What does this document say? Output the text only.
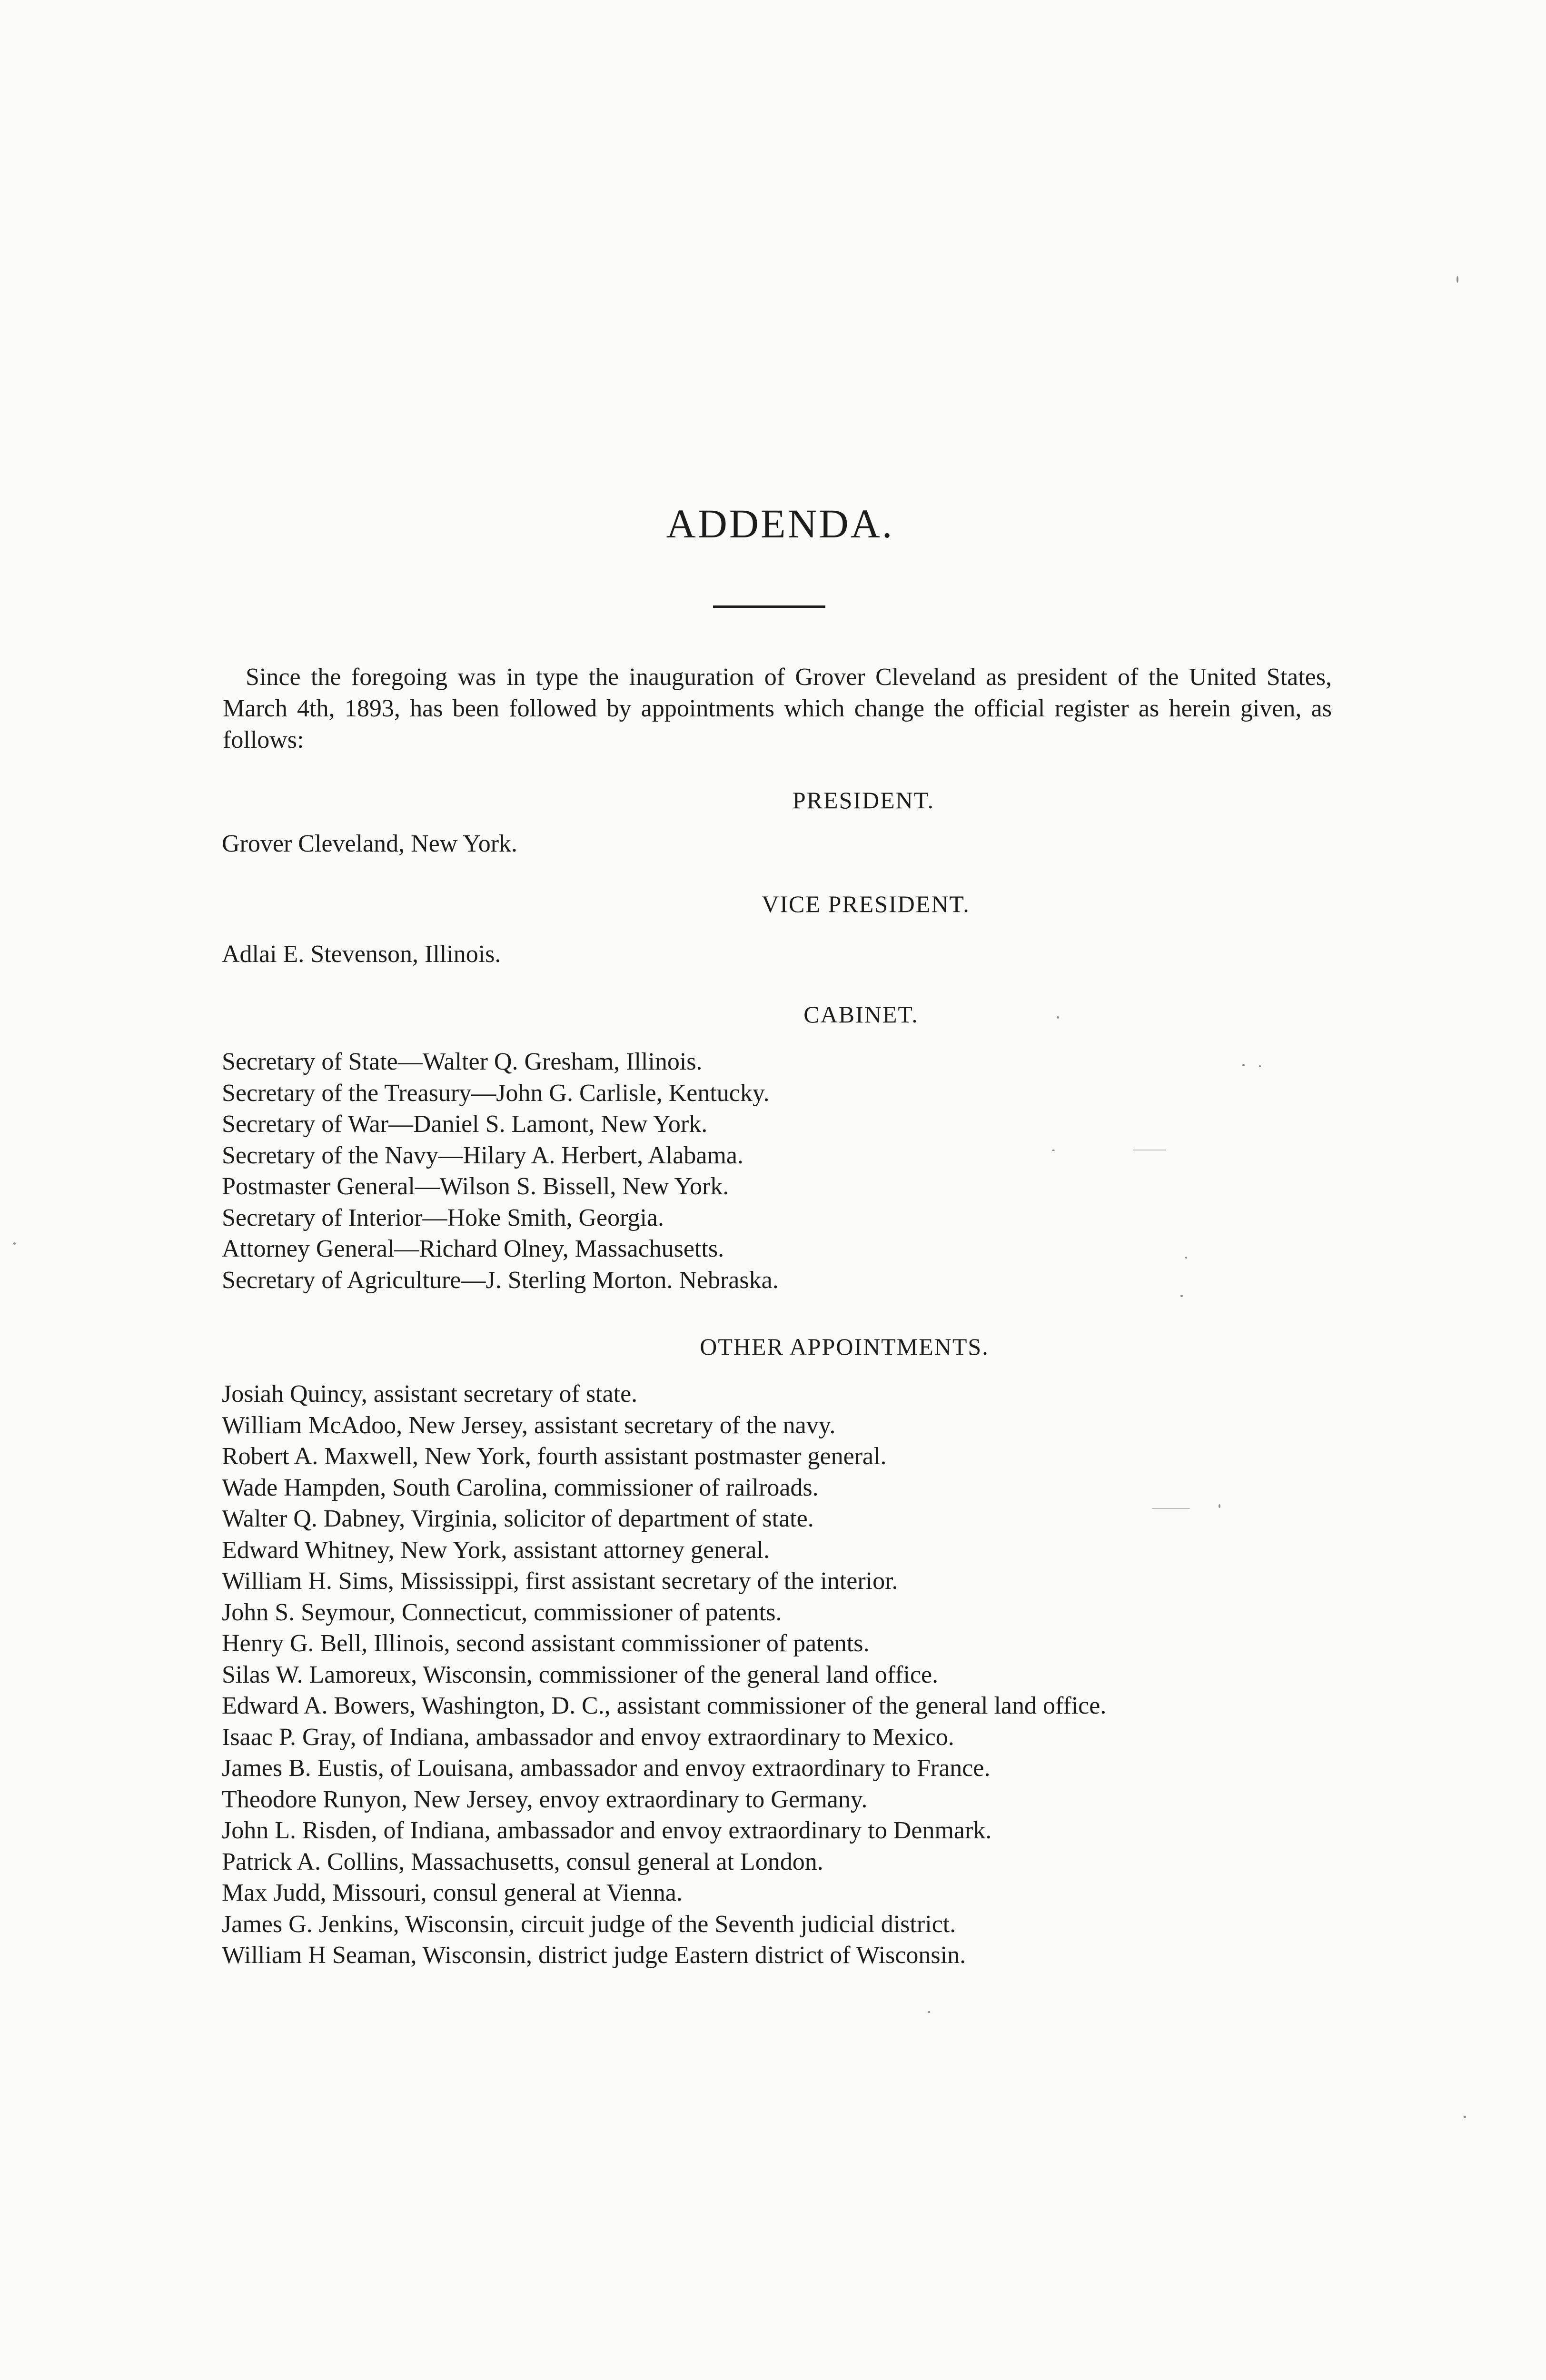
ADDENDA.

Since the foregoing was in type the inauguration of Grover Cleveland as president of the United States, March 4th, 1893, has been followed by appointments which change the official register as herein given, as follows:

PRESIDENT.

Grover Cleveland, New York.

VICE PRESIDENT.

Adlai E. Stevenson, Illinois.

CABINET.
Secretary of State—Walter Q. Gresham, Illinois.
Secretary of the Treasury—John G. Carlisle, Kentucky.
Secretary of War—Daniel S. Lamont, New York.
Secretary of the Navy—Hilary A. Herbert, Alabama.
Postmaster General—Wilson S. Bissell, New York.
Secretary of Interior—Hoke Smith, Georgia.
Attorney General—Richard Olney, Massachusetts.
Secretary of Agriculture—J. Sterling Morton. Nebraska.
OTHER APPOINTMENTS.
Josiah Quincy, assistant secretary of state.
William McAdoo, New Jersey, assistant secretary of the navy.
Robert A. Maxwell, New York, fourth assistant postmaster general.
Wade Hampden, South Carolina, commissioner of railroads.
Walter Q. Dabney, Virginia, solicitor of department of state.
Edward Whitney, New York, assistant attorney general.
William H. Sims, Mississippi, first assistant secretary of the interior.
John S. Seymour, Connecticut, commissioner of patents.
Henry G. Bell, Illinois, second assistant commissioner of patents.
Silas W. Lamoreux, Wisconsin, commissioner of the general land office.
Edward A. Bowers, Washington, D. C., assistant commissioner of the general land office.
Isaac P. Gray, of Indiana, ambassador and envoy extraordinary to Mexico.
James B. Eustis, of Louisana, ambassador and envoy extraordinary to France.
Theodore Runyon, New Jersey, envoy extraordinary to Germany.
John L. Risden, of Indiana, ambassador and envoy extraordinary to Denmark.
Patrick A. Collins, Massachusetts, consul general at London.
Max Judd, Missouri, consul general at Vienna.
James G. Jenkins, Wisconsin, circuit judge of the Seventh judicial district.
William H Seaman, Wisconsin, district judge Eastern district of Wisconsin.
